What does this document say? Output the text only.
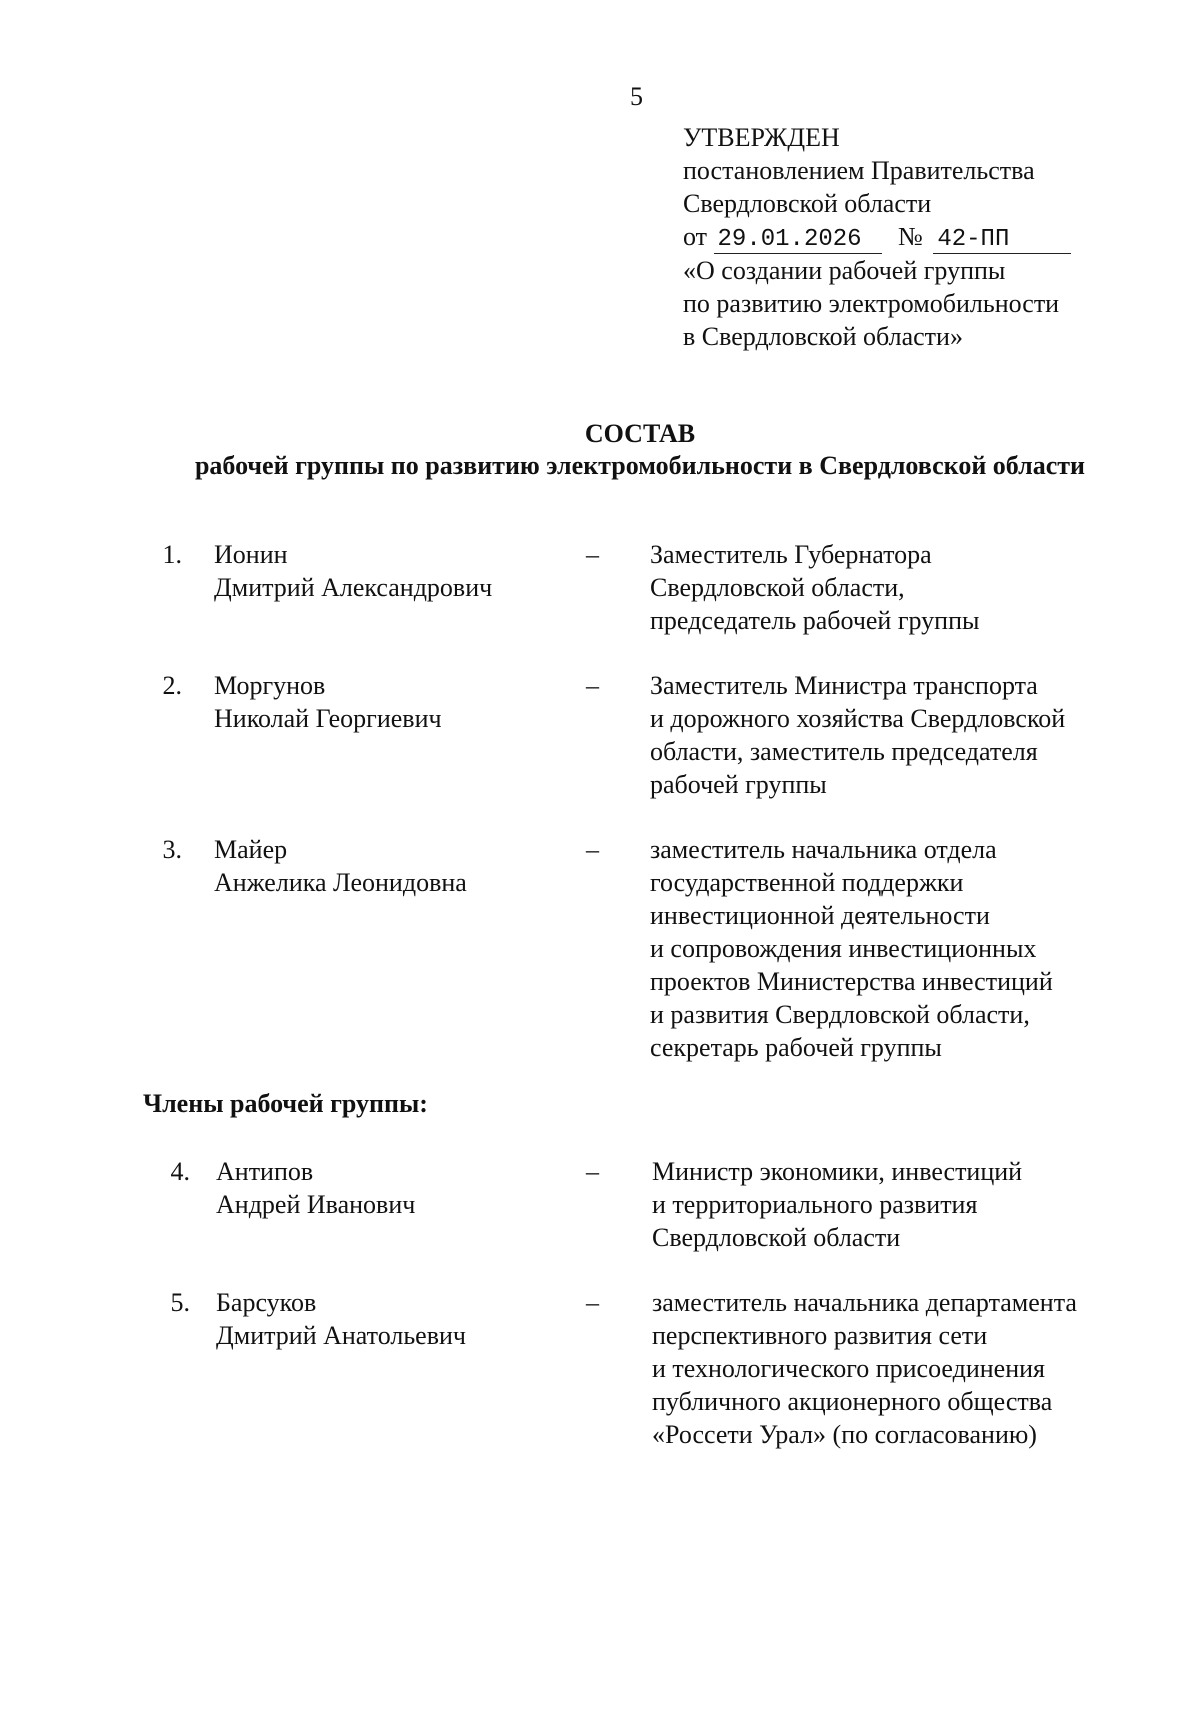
5
УТВЕРЖДЕН
постановлением Правительства
Свердловской области
от 29.01.2026 № 42-ПП
«О создании рабочей группы
по развитию электромобильности
в Свердловской области»
СОСТАВ
рабочей группы по развитию электромобильности в Свердловской области
1. Ионин
Дмитрий Александрович
– Заместитель Губернатора
Свердловской области,
председатель рабочей группы
2. Моргунов
Николай Георгиевич
– Заместитель Министра транспорта
и дорожного хозяйства Свердловской
области, заместитель председателя
рабочей группы
3. Майер
Анжелика Леонидовна
– заместитель начальника отдела
государственной поддержки
инвестиционной деятельности
и сопровождения инвестиционных
проектов Министерства инвестиций
и развития Свердловской области,
секретарь рабочей группы
Члены рабочей группы:
4. Антипов
Андрей Иванович
– Министр экономики, инвестиций
и территориального развития
Свердловской области
5. Барсуков
Дмитрий Анатольевич
– заместитель начальника департамента
перспективного развития сети
и технологического присоединения
публичного акционерного общества
«Россети Урал» (по согласованию)
